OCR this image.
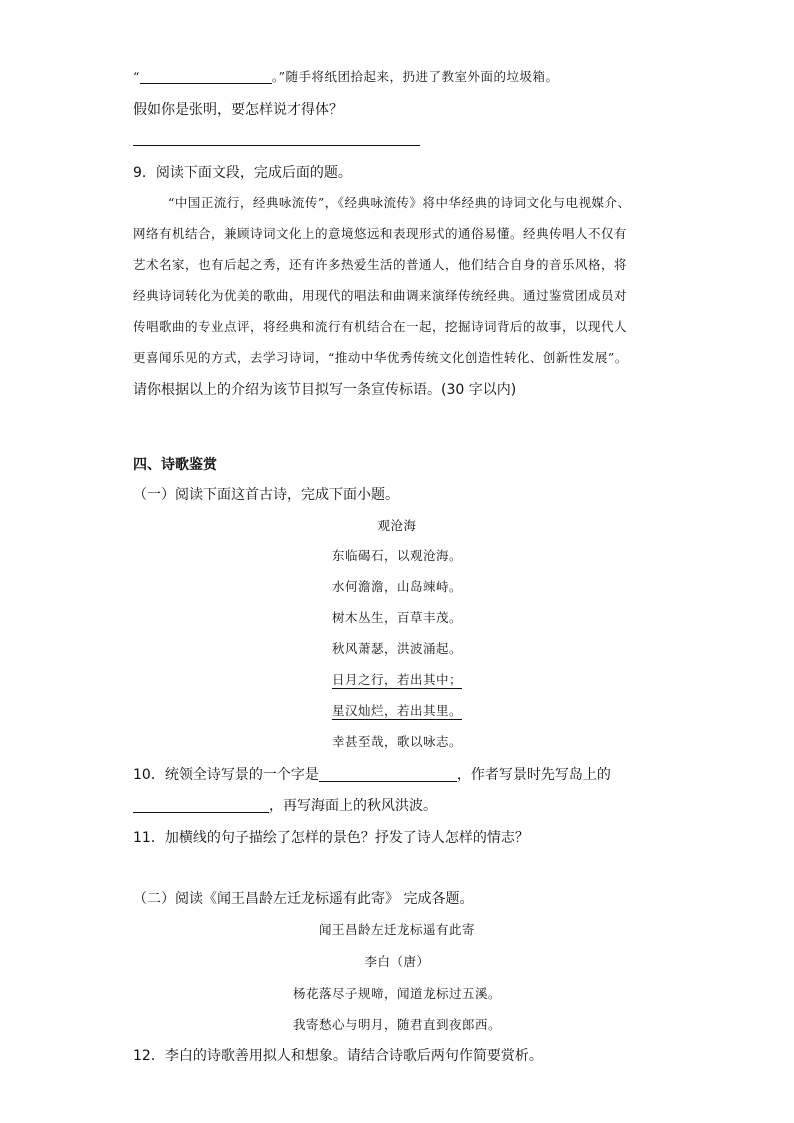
“	。”随手将纸团拾起来，扔进了教室外面的垃圾箱。
假如你是张明，要怎样说才得体？
9．阅读下面文段，完成后面的题。
“中国正流行，经典咏流传”，《经典咏流传》将中华经典的诗词文化与电视媒介、
网络有机结合，兼顾诗词文化上的意境悠远和表现形式的通俗易懂。经典传唱人不仅有
艺术名家，也有后起之秀，还有许多热爱生活的普通人，他们结合自身的音乐风格，将
经典诗词转化为优美的歌曲，用现代的唱法和曲调来演绎传统经典。通过鉴赏团成员对
传唱歌曲的专业点评，将经典和流行有机结合在一起，挖掘诗词背后的故事，以现代人
更喜闻乐见的方式，去学习诗词，“推动中华优秀传统文化创造性转化、创新性发展”。
请你根据以上的介绍为该节目拟写一条宣传标语。(30 字以内)
四、诗歌鉴赏
（一）阅读下面这首古诗，完成下面小题。
观沧海
东临碣石，以观沧海。
水何澹澹，山岛竦峙。
树木丛生，百草丰茂。
秋风萧瑟，洪波涌起。
日月之行，若出其中；
星汉灿烂，若出其里。
幸甚至哉，歌以咏志。
10．统领全诗写景的一个字是	，作者写景时先写岛上的
，再写海面上的秋风洪波。
11．加横线的句子描绘了怎样的景色？抒发了诗人怎样的情志？
（二）阅读《闻王昌龄左迁龙标遥有此寄》 完成各题。
闻王昌龄左迁龙标遥有此寄
李白（唐）
杨花落尽子规啼，闻道龙标过五溪。
我寄愁心与明月，随君直到夜郎西。
12．李白的诗歌善用拟人和想象。请结合诗歌后两句作简要赏析。
